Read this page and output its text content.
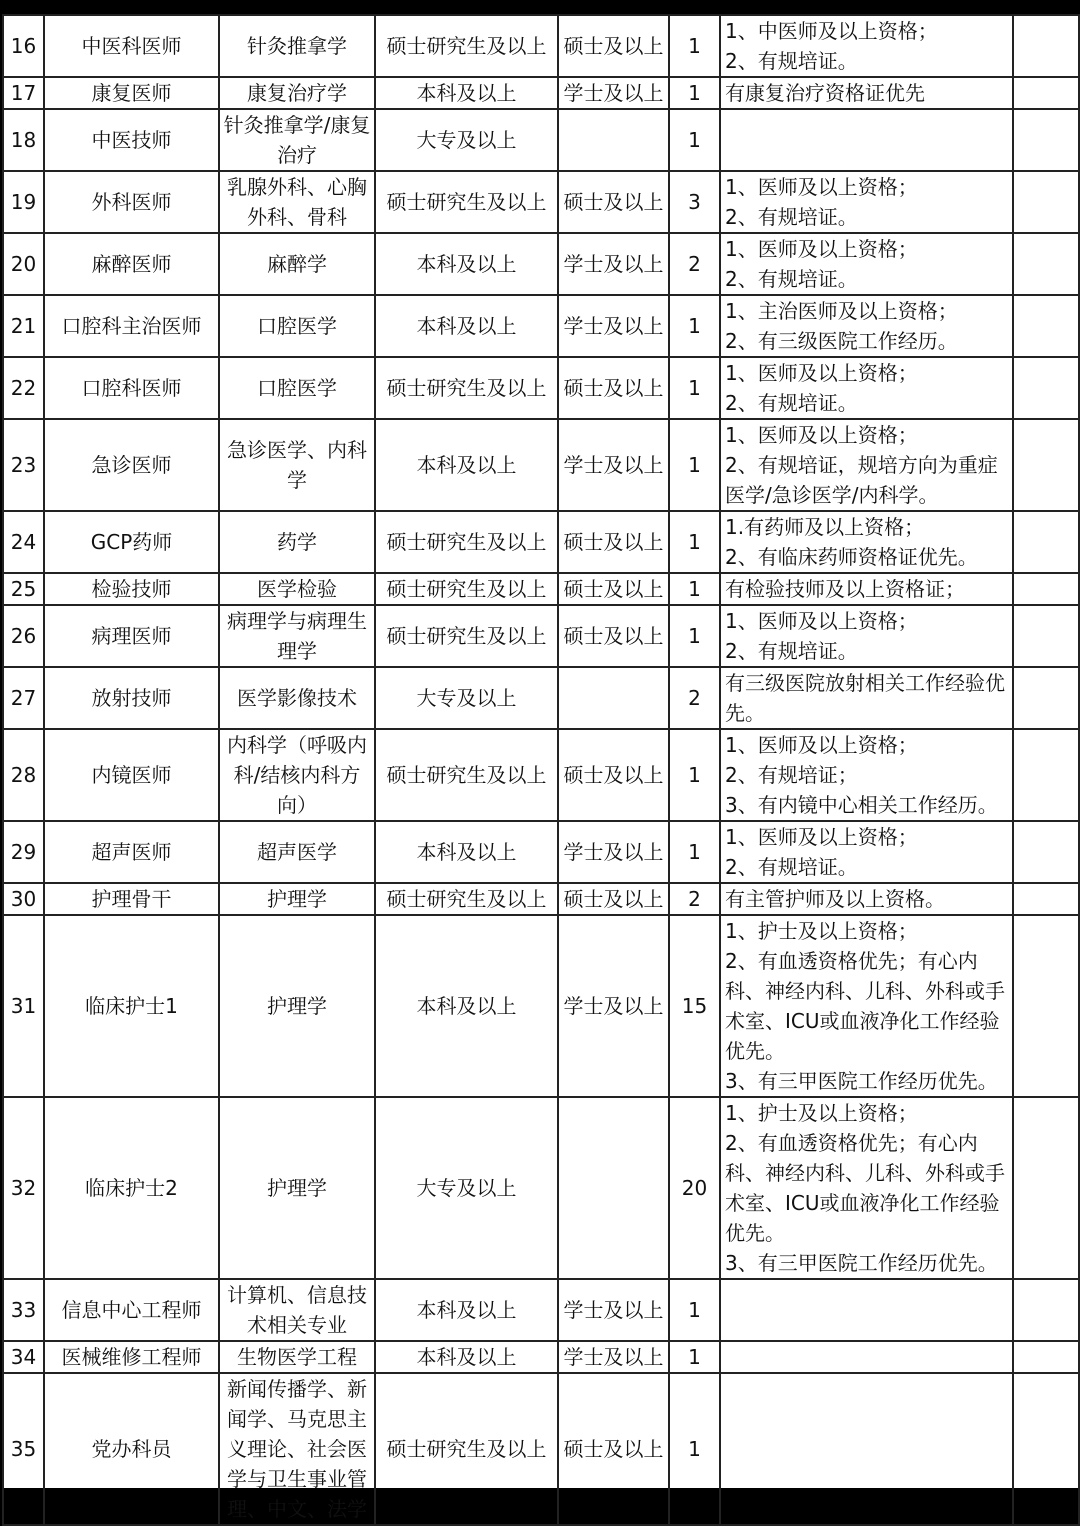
16	中医科医师	针灸推拿学	硕士研究生及以上	硕士及以上	1	1、中医师及以上资格；
2、有规培证。	
17	康复医师	康复治疗学	本科及以上	学士及以上	1	有康复治疗资格证优先	
18	中医技师	针灸推拿学/康复治疗	大专及以上		1		
19	外科医师	乳腺外科、心胸外科、骨科	硕士研究生及以上	硕士及以上	3	1、医师及以上资格；
2、有规培证。	
20	麻醉医师	麻醉学	本科及以上	学士及以上	2	1、医师及以上资格；
2、有规培证。	
21	口腔科主治医师	口腔医学	本科及以上	学士及以上	1	1、主治医师及以上资格；
2、有三级医院工作经历。	
22	口腔科医师	口腔医学	硕士研究生及以上	硕士及以上	1	1、医师及以上资格；
2、有规培证。	
23	急诊医师	急诊医学、内科学	本科及以上	学士及以上	1	1、医师及以上资格；
2、有规培证，规培方向为重症医学/急诊医学/内科学。	
24	GCP药师	药学	硕士研究生及以上	硕士及以上	1	1.有药师及以上资格；
2、有临床药师资格证优先。	
25	检验技师	医学检验	硕士研究生及以上	硕士及以上	1	有检验技师及以上资格证；	
26	病理医师	病理学与病理生理学	硕士研究生及以上	硕士及以上	1	1、医师及以上资格；
2、有规培证。	
27	放射技师	医学影像技术	大专及以上		2	有三级医院放射相关工作经验优先。	
28	内镜医师	内科学（呼吸内科/结核内科方向）	硕士研究生及以上	硕士及以上	1	1、医师及以上资格；
2、有规培证；
3、有内镜中心相关工作经历。	
29	超声医师	超声医学	本科及以上	学士及以上	1	1、医师及以上资格；
2、有规培证。	
30	护理骨干	护理学	硕士研究生及以上	硕士及以上	2	有主管护师及以上资格。	
31	临床护士1	护理学	本科及以上	学士及以上	15	1、护士及以上资格；
2、有血透资格优先；有心内科、神经内科、儿科、外科或手术室、ICU或血液净化工作经验优先。
3、有三甲医院工作经历优先。	
32	临床护士2	护理学	大专及以上		20	1、护士及以上资格；
2、有血透资格优先；有心内科、神经内科、儿科、外科或手术室、ICU或血液净化工作经验优先。
3、有三甲医院工作经历优先。	
33	信息中心工程师	计算机、信息技术相关专业	本科及以上	学士及以上	1		
34	医械维修工程师	生物医学工程	本科及以上	学士及以上	1		
35	党办科员	新闻传播学、新闻学、马克思主义理论、社会医学与卫生事业管理、中文、法学	硕士研究生及以上	硕士及以上	1		
